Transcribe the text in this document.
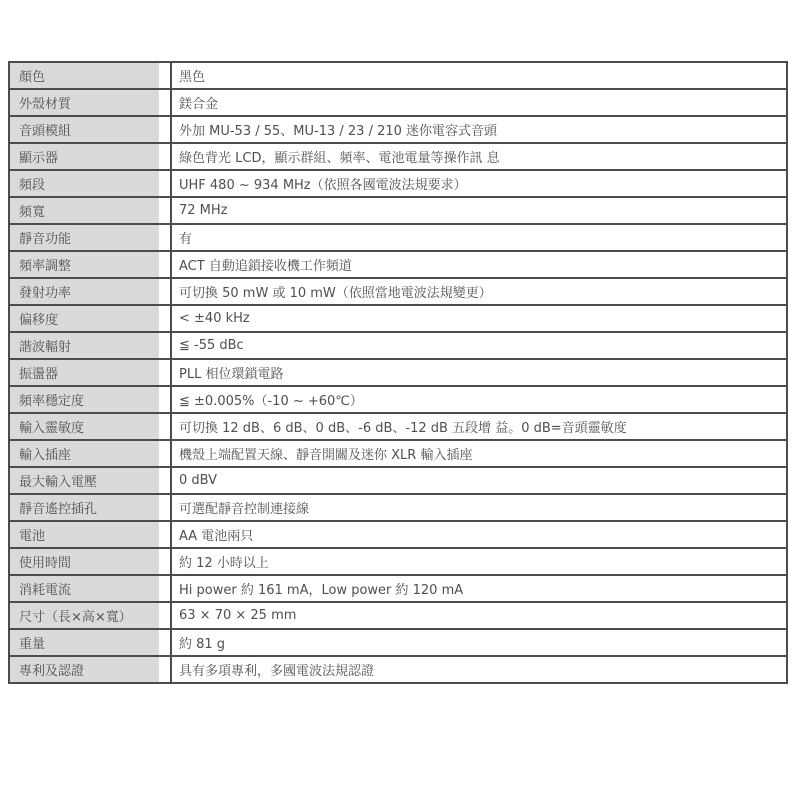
顏色	黑色
外殼材質	鎂合金
音頭模組	外加 MU-53 / 55、MU-13 / 23 / 210 迷你電容式音頭
顯示器	綠色背光 LCD，顯示群組、頻率、電池電量等操作訊 息
頻段	UHF 480 ~ 934 MHz（依照各國電波法規要求）
頻寬	72 MHz
靜音功能	有
頻率調整	ACT 自動追鎖接收機工作頻道
發射功率	可切換 50 mW 或 10 mW（依照當地電波法規變更）
偏移度	< ±40 kHz
諧波輻射	≦ -55 dBc
振盪器	PLL 相位環鎖電路
頻率穩定度	≦ ±0.005%（-10 ~ +60℃）
輸入靈敏度	可切換 12 dB、6 dB、0 dB、-6 dB、-12 dB 五段增 益。0 dB=音頭靈敏度
輸入插座	機殼上端配置天線、靜音開關及迷你 XLR 輸入插座
最大輸入電壓	0 dBV
靜音遙控插孔	可選配靜音控制連接線
電池	AA 電池兩只
使用時間	約 12 小時以上
消耗電流	Hi power 約 161 mA，Low power 約 120 mA
尺寸（長×高×寬）	63 × 70 × 25 mm
重量	約 81 g
專利及認證	具有多項專利，多國電波法規認證
